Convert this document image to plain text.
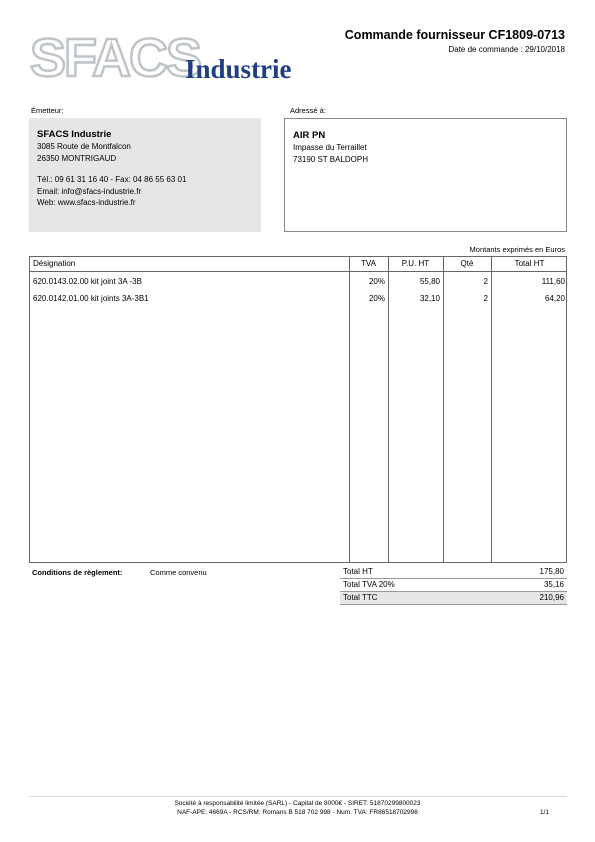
SFACS
Industrie
Commande fournisseur CF1809-0713
Date de commande : 29/10/2018
Émetteur:	Adressé à:
SFACS Industrie
3085 Route de Montfalcon
26350 MONTRIGAUD
Tél.: 09 61 31 16 40 - Fax: 04 86 55 63 01
Email: info@sfacs-industrie.fr
Web: www.sfacs-industrie.fr
AIR PN
Impasse du Terraillet
73190 ST BALDOPH
Montants exprimés en Euros
Désignation	TVA	P.U. HT	Qté	Total HT
620.0143.02.00 kit joint 3A -3B	20%	55,80	2	111,60
620.0142.01.00 kit joints 3A-3B1	20%	32,10	2	64,20
Conditions de règlement:	Comme convenu	Total HT	175,80
Total TVA 20%	35,16
Total TTC	210,96
Société à responsabilité limitée (SARL) - Capital de 8000€ - SIRET: 51870299800023
NAF-APE: 4669A - RCS/RM: Romans B 518 702 998 - Num. TVA: FR86518702998	1/1
